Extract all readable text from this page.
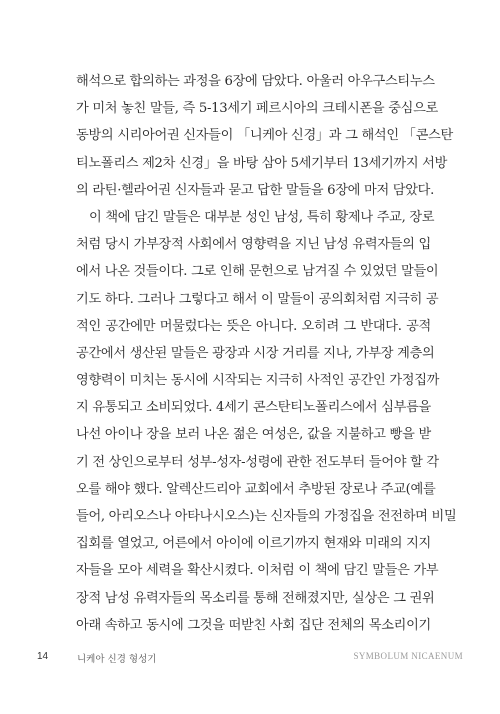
해석으로 합의하는 과정을 6장에 담았다. 아울러 아우구스티누스
가 미처 놓친 말들, 즉 5-13세기 페르시아의 크테시폰을 중심으로
동방의 시리아어권 신자들이 「니케아 신경」과 그 해석인 「콘스탄
티노폴리스 제2차 신경」을 바탕 삼아 5세기부터 13세기까지 서방
의 라틴·헬라어권 신자들과 묻고 답한 말들을 6장에 마저 담았다.
이 책에 담긴 말들은 대부분 성인 남성, 특히 황제나 주교, 장로
처럼 당시 가부장적 사회에서 영향력을 지닌 남성 유력자들의 입
에서 나온 것들이다. 그로 인해 문헌으로 남겨질 수 있었던 말들이
기도 하다. 그러나 그렇다고 해서 이 말들이 공의회처럼 지극히 공
적인 공간에만 머물렀다는 뜻은 아니다. 오히려 그 반대다. 공적
공간에서 생산된 말들은 광장과 시장 거리를 지나, 가부장 계층의
영향력이 미치는 동시에 시작되는 지극히 사적인 공간인 가정집까
지 유통되고 소비되었다. 4세기 콘스탄티노폴리스에서 심부름을
나선 아이나 장을 보러 나온 젊은 여성은, 값을 지불하고 빵을 받
기 전 상인으로부터 성부-성자-성령에 관한 전도부터 들어야 할 각
오를 해야 했다. 알렉산드리아 교회에서 추방된 장로나 주교(예를
들어, 아리오스나 아타나시오스)는 신자들의 가정집을 전전하며 비밀
집회를 열었고, 어른에서 아이에 이르기까지 현재와 미래의 지지
자들을 모아 세력을 확산시켰다. 이처럼 이 책에 담긴 말들은 가부
장적 남성 유력자들의 목소리를 통해 전해졌지만, 실상은 그 권위
아래 속하고 동시에 그것을 떠받친 사회 집단 전체의 목소리이기
14	니케아 신경 형성기	SYMBOLUM NICAENUM
